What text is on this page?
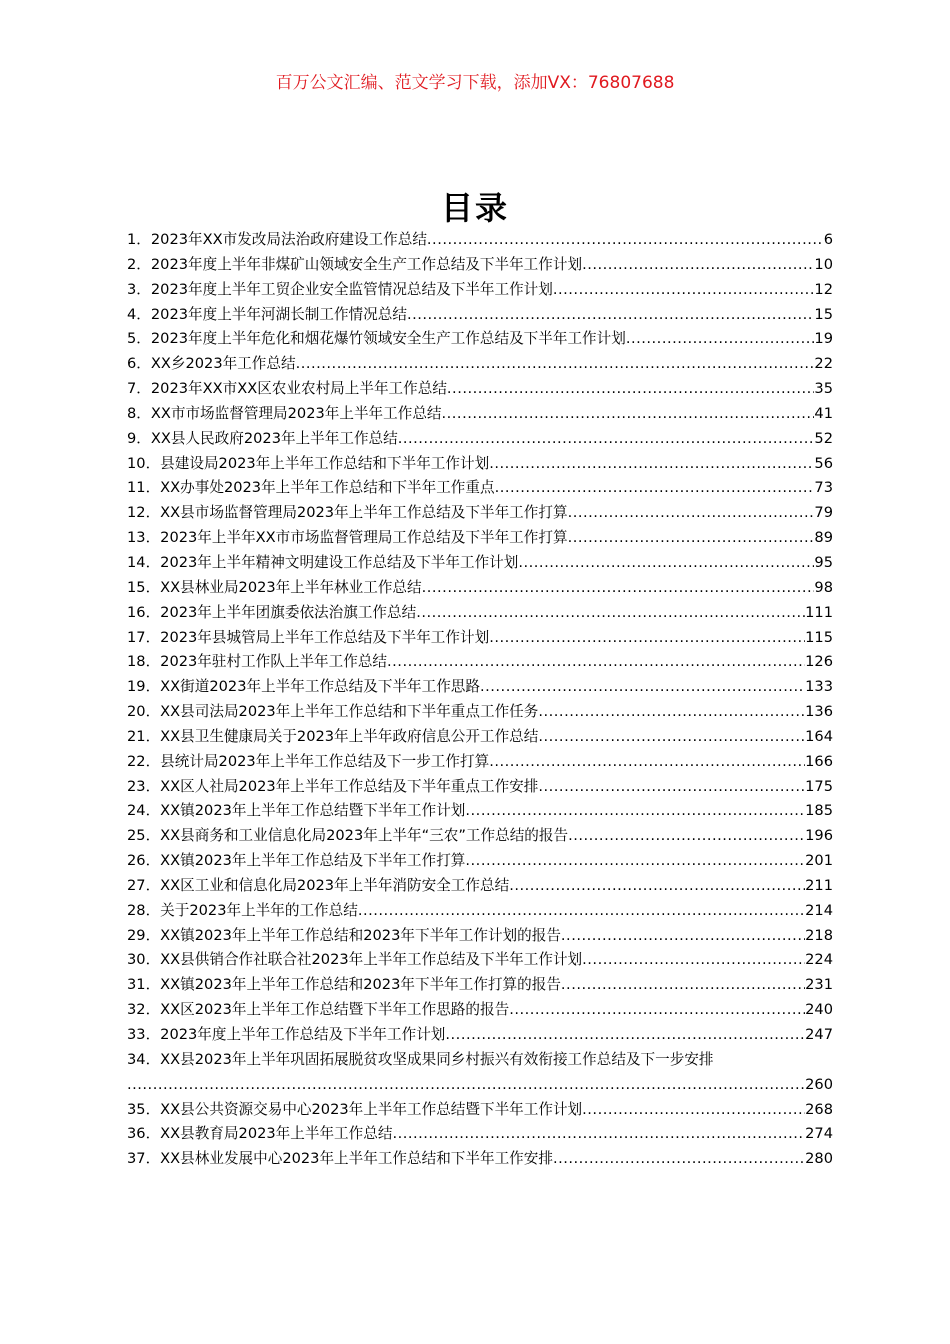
百万公文汇编、范文学习下载，添加VX：76807688
目录
1．2023年XX市发改局法治政府建设工作总结 .....	6
2．2023年度上半年非煤矿山领域安全生产工作总结及下半年工作计划 .....	10
3．2023年度上半年工贸企业安全监管情况总结及下半年工作计划 .....	12
4．2023年度上半年河湖长制工作情况总结 .....	15
5．2023年度上半年危化和烟花爆竹领域安全生产工作总结及下半年工作计划 .....	19
6．XX乡2023年工作总结 .....	22
7．2023年XX市XX区农业农村局上半年工作总结 .....	35
8．XX市市场监督管理局2023年上半年工作总结 .....	41
9．XX县人民政府2023年上半年工作总结 .....	52
10．县建设局2023年上半年工作总结和下半年工作计划 .....	56
11．XX办事处2023年上半年工作总结和下半年工作重点 .....	73
12．XX县市场监督管理局2023年上半年工作总结及下半年工作打算 .....	79
13．2023年上半年XX市市场监督管理局工作总结及下半年工作打算 .....	89
14．2023年上半年精神文明建设工作总结及下半年工作计划 .....	95
15．XX县林业局2023年上半年林业工作总结 .....	98
16．2023年上半年团旗委依法治旗工作总结 .....	111
17．2023年县城管局上半年工作总结及下半年工作计划 .....	115
18．2023年驻村工作队上半年工作总结 .....	126
19．XX街道2023年上半年工作总结及下半年工作思路 .....	133
20．XX县司法局2023年上半年工作总结和下半年重点工作任务 .....	136
21．XX县卫生健康局关于2023年上半年政府信息公开工作总结 .....	164
22．县统计局2023年上半年工作总结及下一步工作打算 .....	166
23．XX区人社局2023年上半年工作总结及下半年重点工作安排 .....	175
24．XX镇2023年上半年工作总结暨下半年工作计划 .....	185
25．XX县商务和工业信息化局2023年上半年“三农”工作总结的报告 .....	196
26．XX镇2023年上半年工作总结及下半年工作打算 .....	201
27．XX区工业和信息化局2023年上半年消防安全工作总结 .....	211
28．关于2023年上半年的工作总结 .....	214
29．XX镇2023年上半年工作总结和2023年下半年工作计划的报告 .....	218
30．XX县供销合作社联合社2023年上半年工作总结及下半年工作计划 .....	224
31．XX镇2023年上半年工作总结和2023年下半年工作打算的报告 .....	231
32．XX区2023年上半年工作总结暨下半年工作思路的报告 .....	240
33．2023年度上半年工作总结及下半年工作计划 .....	247
34．XX县2023年上半年巩固拓展脱贫攻坚成果同乡村振兴有效衔接工作总结及下一步安排
.....
260
35．XX县公共资源交易中心2023年上半年工作总结暨下半年工作计划 .....	268
36．XX县教育局2023年上半年工作总结 .....	274
37．XX县林业发展中心2023年上半年工作总结和下半年工作安排 .....	280
